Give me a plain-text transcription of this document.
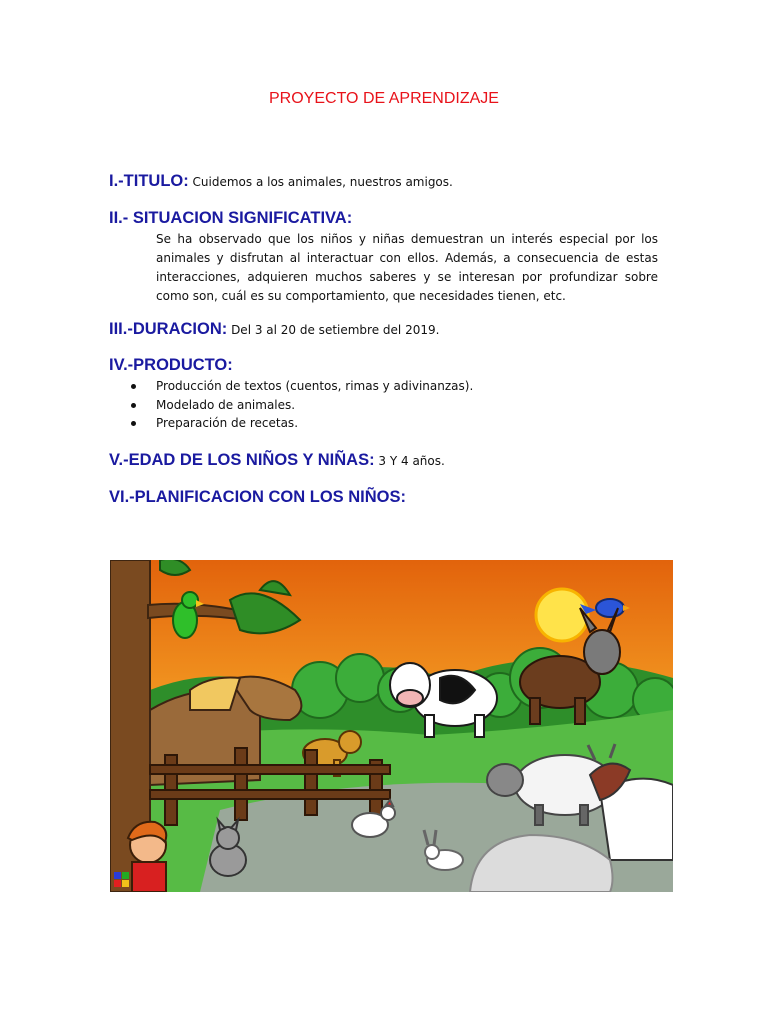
PROYECTO DE APRENDIZAJE
I.-TITULO: Cuidemos a los animales, nuestros amigos.
II.- SITUACION SIGNIFICATIVA:
Se ha observado que los niños y niñas demuestran un interés especial por los animales y disfrutan al interactuar con ellos. Además, a consecuencia de estas interacciones, adquieren muchos saberes y se interesan por profundizar sobre como son, cuál es su comportamiento, que necesidades tienen, etc.
III.-DURACION: Del 3 al 20 de setiembre del 2019.
IV.-PRODUCTO:
Producción de textos (cuentos, rimas y adivinanzas).
Modelado de animales.
Preparación de recetas.
V.-EDAD DE LOS NIÑOS Y NIÑAS: 3 Y 4 años.
VI.-PLANIFICACION CON LOS NIÑOS:
